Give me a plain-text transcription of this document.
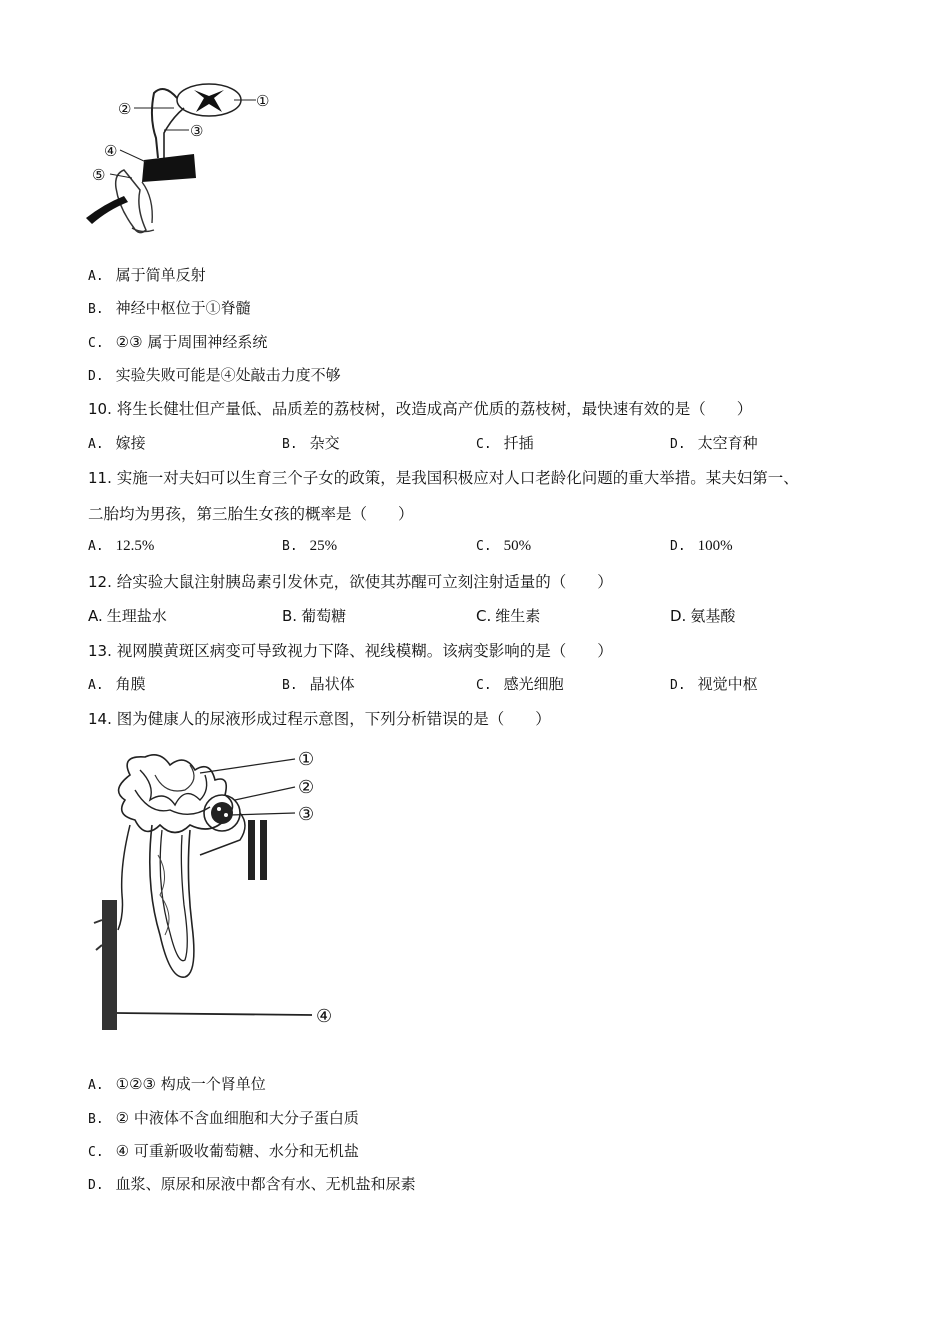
①
②
③
④
⑤
A. 属于简单反射
B. 神经中枢位于①脊髓
C. ②③ 属于周围神经系统
D. 实验失败可能是④处敲击力度不够
10. 将生长健壮但产量低、品质差的荔枝树，改造成高产优质的荔枝树，最快速有效的是（　　）
A. 嫁接	B. 杂交	C. 扦插	D. 太空育种
11. 实施一对夫妇可以生育三个子女的政策，是我国积极应对人口老龄化问题的重大举措。某夫妇第一、
二胎均为男孩，第三胎生女孩的概率是（　　）
A. 12.5%	B. 25%	C. 50%	D. 100%
12. 给实验大鼠注射胰岛素引发休克，欲使其苏醒可立刻注射适量的（　　）
A. 生理盐水	B. 葡萄糖	C. 维生素	D. 氨基酸
13. 视网膜黄斑区病变可导致视力下降、视线模糊。该病变影响的是（　　）
A. 角膜	B. 晶状体	C. 感光细胞	D. 视觉中枢
14. 图为健康人的尿液形成过程示意图，下列分析错误的是（　　）
①
②
③
④
A. ①②③ 构成一个肾单位
B. ② 中液体不含血细胞和大分子蛋白质
C. ④ 可重新吸收葡萄糖、水分和无机盐
D. 血浆、原尿和尿液中都含有水、无机盐和尿素
